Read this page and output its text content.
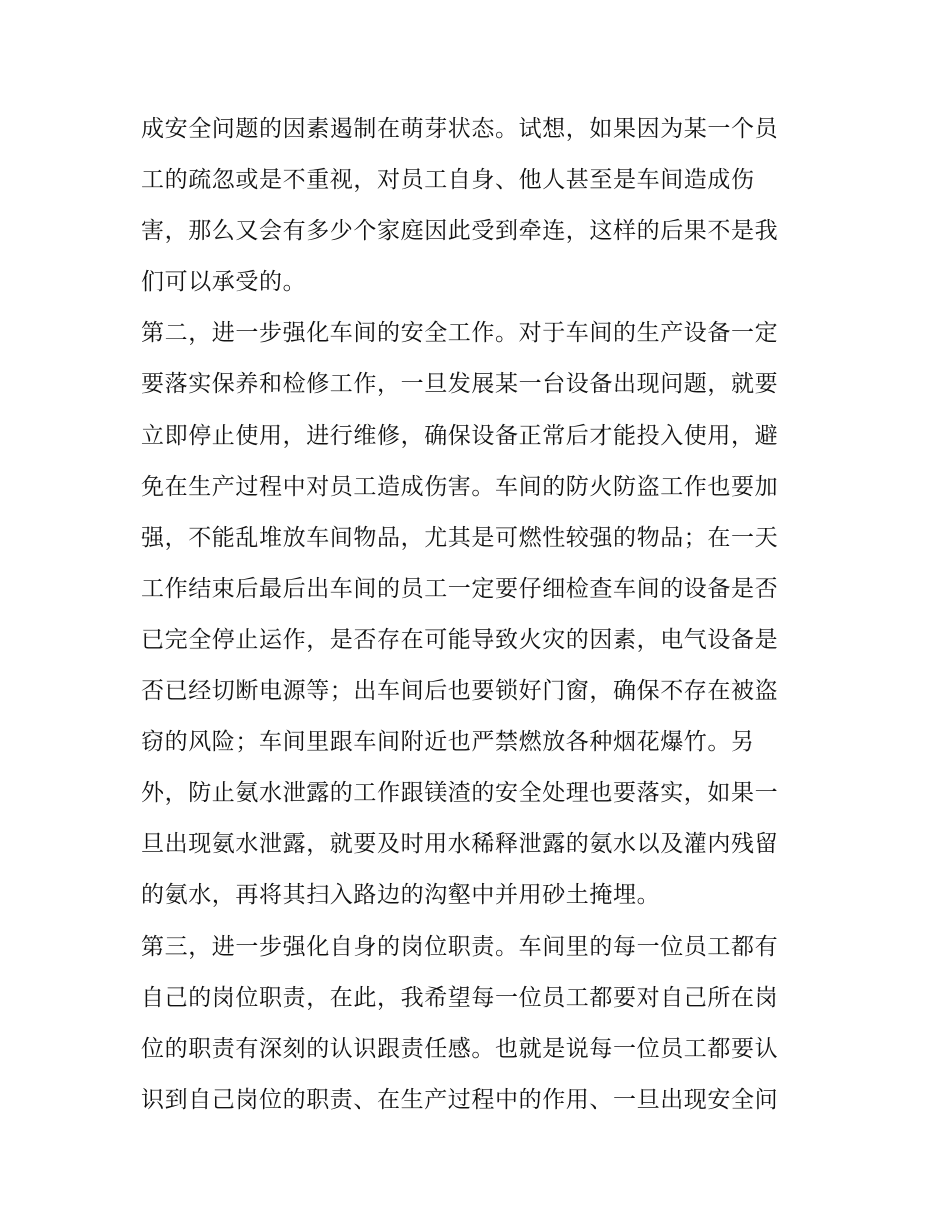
成安全问题的因素遏制在萌芽状态。试想，如果因为某一个员
工的疏忽或是不重视，对员工自身、他人甚至是车间造成伤
害，那么又会有多少个家庭因此受到牵连，这样的后果不是我
们可以承受的。
第二，进一步强化车间的安全工作。对于车间的生产设备一定
要落实保养和检修工作，一旦发展某一台设备出现问题，就要
立即停止使用，进行维修，确保设备正常后才能投入使用，避
免在生产过程中对员工造成伤害。车间的防火防盗工作也要加
强，不能乱堆放车间物品，尤其是可燃性较强的物品；在一天
工作结束后最后出车间的员工一定要仔细检查车间的设备是否
已完全停止运作，是否存在可能导致火灾的因素，电气设备是
否已经切断电源等；出车间后也要锁好门窗，确保不存在被盗
窃的风险；车间里跟车间附近也严禁燃放各种烟花爆竹。另
外，防止氨水泄露的工作跟镁渣的安全处理也要落实，如果一
旦出现氨水泄露，就要及时用水稀释泄露的氨水以及灌内残留
的氨水，再将其扫入路边的沟壑中并用砂土掩埋。
第三，进一步强化自身的岗位职责。车间里的每一位员工都有
自己的岗位职责，在此，我希望每一位员工都要对自己所在岗
位的职责有深刻的认识跟责任感。也就是说每一位员工都要认
识到自己岗位的职责、在生产过程中的作用、一旦出现安全问
